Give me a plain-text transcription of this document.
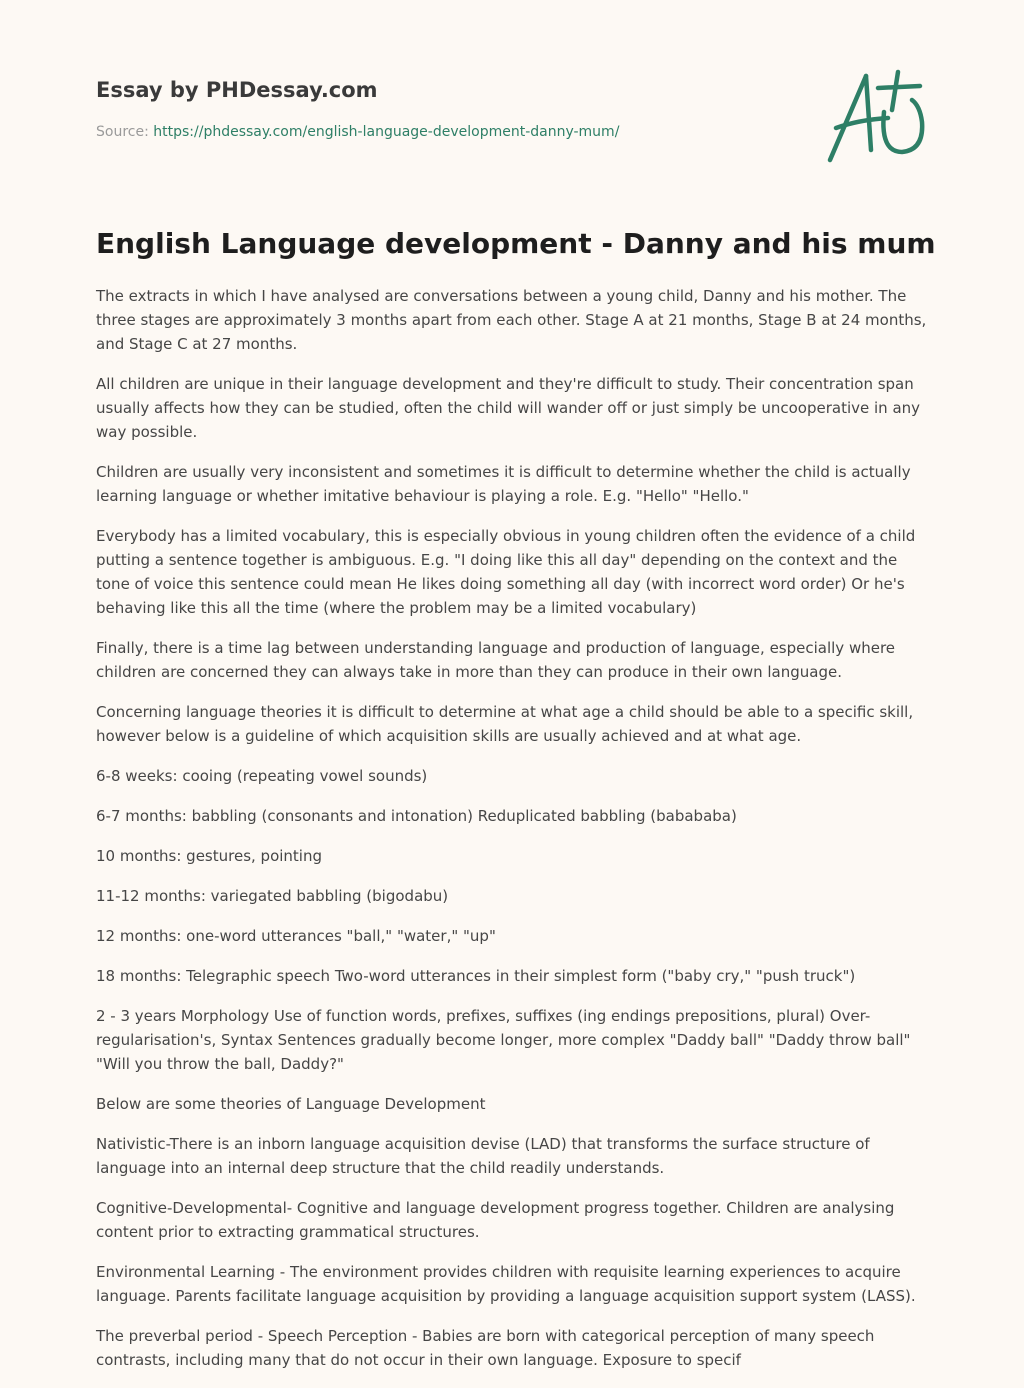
Essay by PHDessay.com
Source: https://phdessay.com/english-language-development-danny-mum/
English Language development - Danny and his mum

The extracts in which I have analysed are conversations between a young child, Danny and his mother. The three stages are approximately 3 months apart from each other. Stage A at 21 months, Stage B at 24 months, and Stage C at 27 months.

All children are unique in their language development and they're difficult to study. Their concentration span usually affects how they can be studied, often the child will wander off or just simply be uncooperative in any way possible.

Children are usually very inconsistent and sometimes it is difficult to determine whether the child is actually learning language or whether imitative behaviour is playing a role. E.g. "Hello" "Hello."

Everybody has a limited vocabulary, this is especially obvious in young children often the evidence of a child putting a sentence together is ambiguous. E.g. "I doing like this all day" depending on the context and the tone of voice this sentence could mean He likes doing something all day (with incorrect word order) Or he's behaving like this all the time (where the problem may be a limited vocabulary)

Finally, there is a time lag between understanding language and production of language, especially where children are concerned they can always take in more than they can produce in their own language.

Concerning language theories it is difficult to determine at what age a child should be able to a specific skill, however below is a guideline of which acquisition skills are usually achieved and at what age.

6-8 weeks: cooing (repeating vowel sounds)

6-7 months: babbling (consonants and intonation) Reduplicated babbling (babababa)

10 months: gestures, pointing

11-12 months: variegated babbling (bigodabu)

12 months: one-word utterances "ball," "water," "up"

18 months: Telegraphic speech Two-word utterances in their simplest form ("baby cry," "push truck")

2 - 3 years Morphology Use of function words, prefixes, suffixes (ing endings prepositions, plural) Over-regularisation's, Syntax Sentences gradually become longer, more complex "Daddy ball" "Daddy throw ball" "Will you throw the ball, Daddy?"

Below are some theories of Language Development

Nativistic-There is an inborn language acquisition devise (LAD) that transforms the surface structure of language into an internal deep structure that the child readily understands.

Cognitive-Developmental- Cognitive and language development progress together. Children are analysing content prior to extracting grammatical structures.

Environmental Learning - The environment provides children with requisite learning experiences to acquire language. Parents facilitate language acquisition by providing a language acquisition support system (LASS).

The preverbal period - Speech Perception - Babies are born with categorical perception of many speech contrasts, including many that do not occur in their own language. Exposure to specif
